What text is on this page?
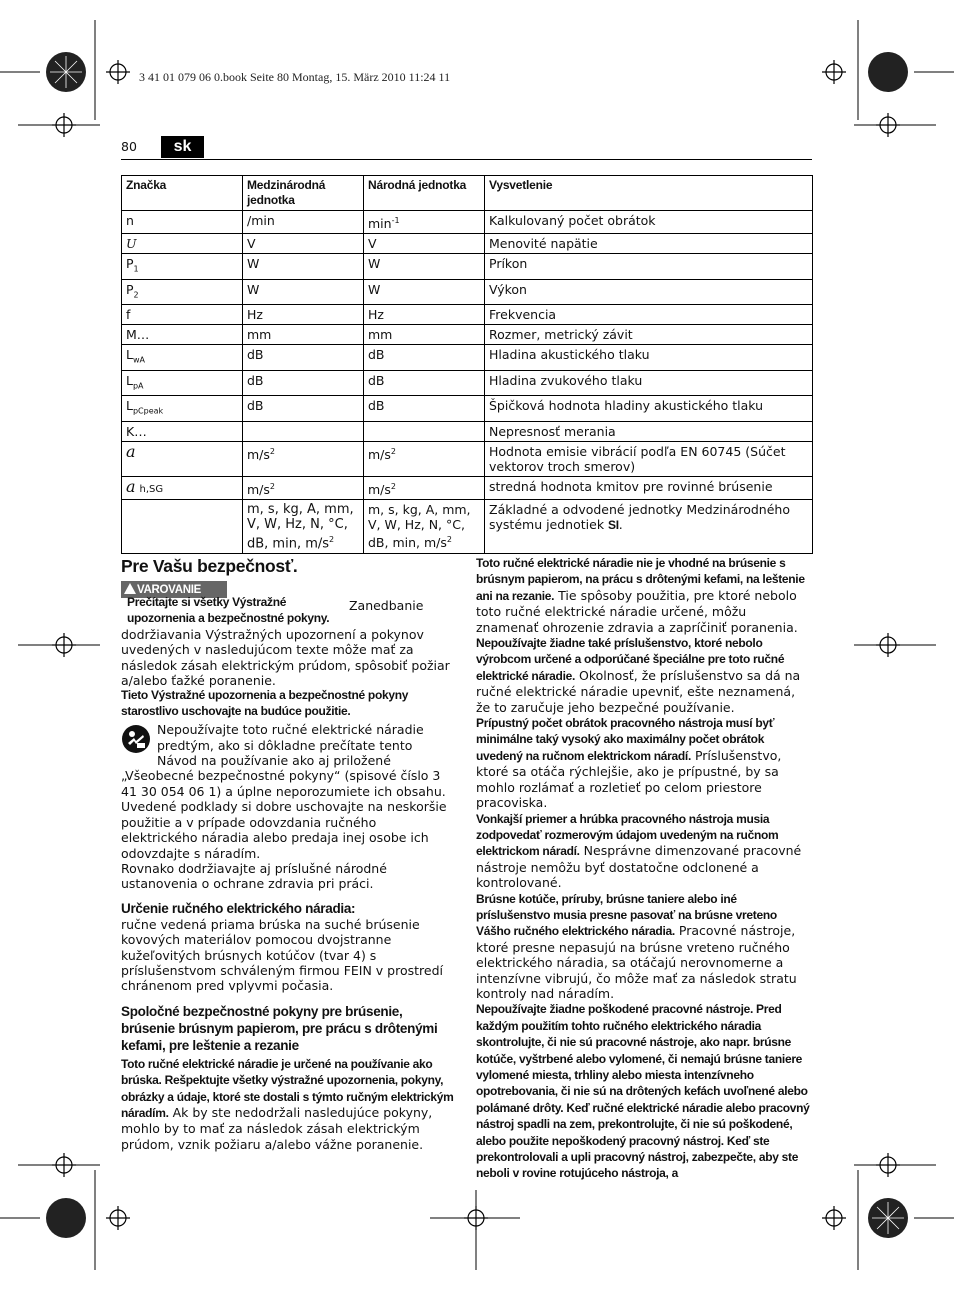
3 41 01 079 06 0.book Seite 80 Montag, 15. März 2010 11:24 11
80	sk
Značka	Medzinárodná jednotka	Národná jednotka	Vysvetlenie
n	/min	$\min^{-1}$	Kalkulovaný počet obrátok
U	V	V	Menovité napätie
$P_1$	W	W	Príkon
$P_2$	W	W	Výkon
f	Hz	Hz	Frekvencia
M…	mm	mm	Rozmer, metrický závit
$L_{wA}$	dB	dB	Hladina akustického tlaku
$L_{pA}$	dB	dB	Hladina zvukového tlaku
$L_{pCpeak}$	dB	dB	Špičková hodnota hladiny akustického tlaku
K…			Nepresnosť merania
a	$m/s^2$	$m/s^2$	Hodnota emisie vibrácií podľa EN 60745 (Súčet vektorov troch smerov)
a h,SG	$m/s^2$	$m/s^2$	stredná hodnota kmitov pre rovinné brúsenie
	m, s, kg, A, mm, V, W, Hz, N, °C, dB, min, $m/s^2$	m, s, kg, A, mm, V, W, Hz, N, °C, dB, min, $m/s^2$	Základné a odvodené jednotky Medzinárodného systému jednotiek SI.
Pre Vašu bezpečnosť.

VAROVANIE Prečítajte si všetky Výstražné upozornenia a bezpečnostné pokyny. Zanedbanie dodržiavania Výstražných upozornení a pokynov uvedených v nasledujúcom texte môže mať za následok zásah elektrickým prúdom, spôsobiť požiar a/alebo ťažké poranenie.

Tieto Výstražné upozornenia a bezpečnostné pokyny starostlivo uschovajte na budúce použitie.

Nepoužívajte toto ručné elektrické náradie predtým, ako si dôkladne prečítate tento Návod na používanie ako aj priložené „Všeobecné bezpečnostné pokyny“ (spisové číslo 3 41 30 054 06 1) a úplne neporozumiete ich obsahu. Uvedené podklady si dobre uschovajte na neskoršie použitie a v prípade odovzdania ručného elektrického náradia alebo predaja inej osobe ich odovzdajte s náradím.

Rovnako dodržiavajte aj príslušné národné ustanovenia o ochrane zdravia pri práci.

Určenie ručného elektrického náradia:

ručne vedená priama brúska na suché brúsenie kovových materiálov pomocou dvojstranne kužeľovitých brúsnych kotúčov (tvar 4) s príslušenstvom schváleným firmou FEIN v prostredí chránenom pred vplyvmi počasia.

Spoločné bezpečnostné pokyny pre brúsenie, brúsenie brúsnym papierom, pre prácu s drôtenými kefami, pre leštenie a rezanie

Toto ručné elektrické náradie je určené na používanie ako brúska. Rešpektujte všetky výstražné upozornenia, pokyny, obrázky a údaje, ktoré ste dostali s týmto ručným elektrickým náradím. Ak by ste nedodržali nasledujúce pokyny, mohlo by to mať za následok zásah elektrickým prúdom, vznik požiaru a/alebo vážne poranenie.

Toto ručné elektrické náradie nie je vhodné na brúsenie s brúsnym papierom, na prácu s drôtenými kefami, na leštenie ani na rezanie. Tie spôsoby použitia, pre ktoré nebolo toto ručné elektrické náradie určené, môžu znamenať ohrozenie zdravia a zapríčiniť poranenia.

Nepoužívajte žiadne také príslušenstvo, ktoré nebolo výrobcom určené a odporúčané špeciálne pre toto ručné elektrické náradie. Okolnosť, že príslušenstvo sa dá na ručné elektrické náradie upevniť, ešte neznamená, že to zaručuje jeho bezpečné používanie.

Prípustný počet obrátok pracovného nástroja musí byť minimálne taký vysoký ako maximálny počet obrátok uvedený na ručnom elektrickom náradí. Príslušenstvo, ktoré sa otáča rýchlejšie, ako je prípustné, by sa mohlo rozlámať a rozletieť po celom priestore pracoviska.

Vonkajší priemer a hrúbka pracovného nástroja musia zodpovedať rozmerovým údajom uvedeným na ručnom elektrickom náradí. Nesprávne dimenzované pracovné nástroje nemôžu byť dostatočne odclonené a kontrolované.

Brúsne kotúče, príruby, brúsne taniere alebo iné príslušenstvo musia presne pasovať na brúsne vreteno Vášho ručného elektrického náradia. Pracovné nástroje, ktoré presne nepasujú na brúsne vreteno ručného elektrického náradia, sa otáčajú nerovnomerne a intenzívne vibrujú, čo môže mať za následok stratu kontroly nad náradím.

Nepoužívajte žiadne poškodené pracovné nástroje. Pred každým použitím tohto ručného elektrického náradia skontrolujte, či nie sú pracovné nástroje, ako napr. brúsne kotúče, vyštrbené alebo vylomené, či nemajú brúsne taniere vylomené miesta, trhliny alebo miesta intenzívneho opotrebovania, či nie sú na drôtených kefách uvoľnené alebo polámané drôty. Keď ručné elektrické náradie alebo pracovný nástroj spadli na zem, prekontrolujte, či nie sú poškodené, alebo použite nepoškodený pracovný nástroj. Keď ste prekontrolovali a upli pracovný nástroj, zabezpečte, aby ste neboli v rovine rotujúceho nástroja, a
